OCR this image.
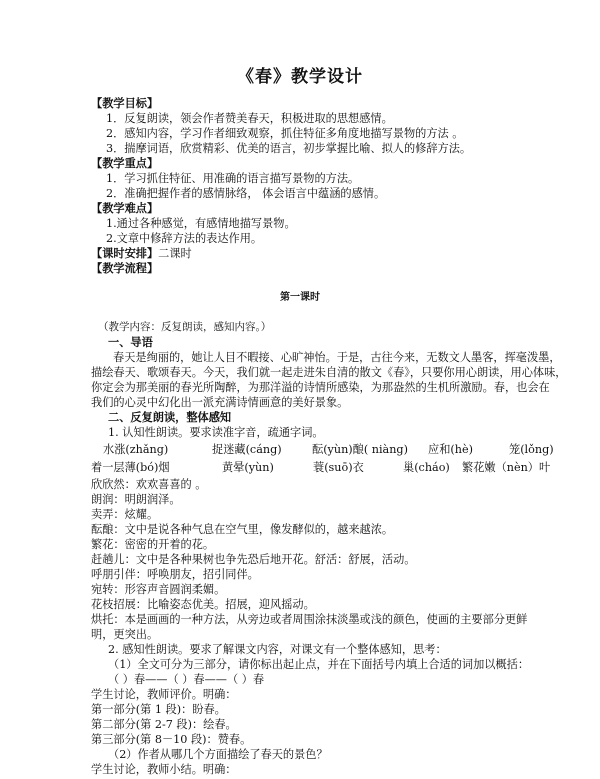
《春》教学设计
【教学目标】
1．反复朗读，领会作者赞美春天，积极进取的思想感情。
2．感知内容，学习作者细致观察，抓住特征多角度地描写景物的方法 。
3．揣摩词语，欣赏精彩、优美的语言，初步掌握比喻、拟人的修辞方法。
【教学重点】
1．学习抓住特征、用准确的语言描写景物的方法。
2．准确把握作者的感情脉络， 体会语言中蕴涵的感情。
【教学难点】
1.通过各种感觉，有感情地描写景物。
2.文章中修辞方法的表达作用。
【课时安排】二课时
【教学流程】
第一课时
（教学内容：反复朗读，感知内容。）
一、导语
春天是绚丽的，她让人目不暇接、心旷神怡。于是，古往今来，无数文人墨客，挥毫泼墨，
描绘春天、歌颂春天。今天，我们就一起走进朱自清的散文《春》，只要你用心朗读，用心体味，
你定会为那美丽的春光所陶醉，为那洋溢的诗情所感染，为那盎然的生机所激励。春，也会在
我们的心灵中幻化出一派充满诗情画意的美好景象。
二、反复朗读，整体感知
1. 认知性朗读。要求读准字音，疏通字词。
水涨(zhǎng)	捉迷藏(cáng)	酝(yùn)酿( niàng) 应和(hè)	笼(lǒng)
着一层薄(bó)烟	黄晕(yùn)	蓑(suō)衣	巢(cháo) 繁花嫩（nèn）叶
欣欣然：欢欢喜喜的 。
朗润：明朗润泽。
卖弄：炫耀。
酝酿：文中是说各种气息在空气里，像发酵似的，越来越浓。
繁花：密密的开着的花。
赶趟儿：文中是各种果树也争先恐后地开花。舒活：舒展，活动。
呼朋引伴：呼唤朋友，招引同伴。
宛转：形容声音圆润柔媚。
花枝招展：比喻姿态优美。招展，迎风摇动。
烘托：本是画画的一种方法，从旁边或者周围涂抹淡墨或浅的颜色，使画的主要部分更鲜
明，更突出。
2. 感知性朗读。要求了解课文内容，对课文有一个整体感知，思考：
（1）全文可分为三部分，请你标出起止点，并在下面括号内填上合适的词加以概括：
（ ）春——（ ）春——（ ）春
学生讨论，教师评价。明确：
第一部分(第 1 段)：盼春。
第二部分(第 2-7 段)：绘春。
第三部分(第 8－10 段)：赞春。
（2）作者从哪几个方面描绘了春天的景色？
学生讨论，教师小结。明确：
